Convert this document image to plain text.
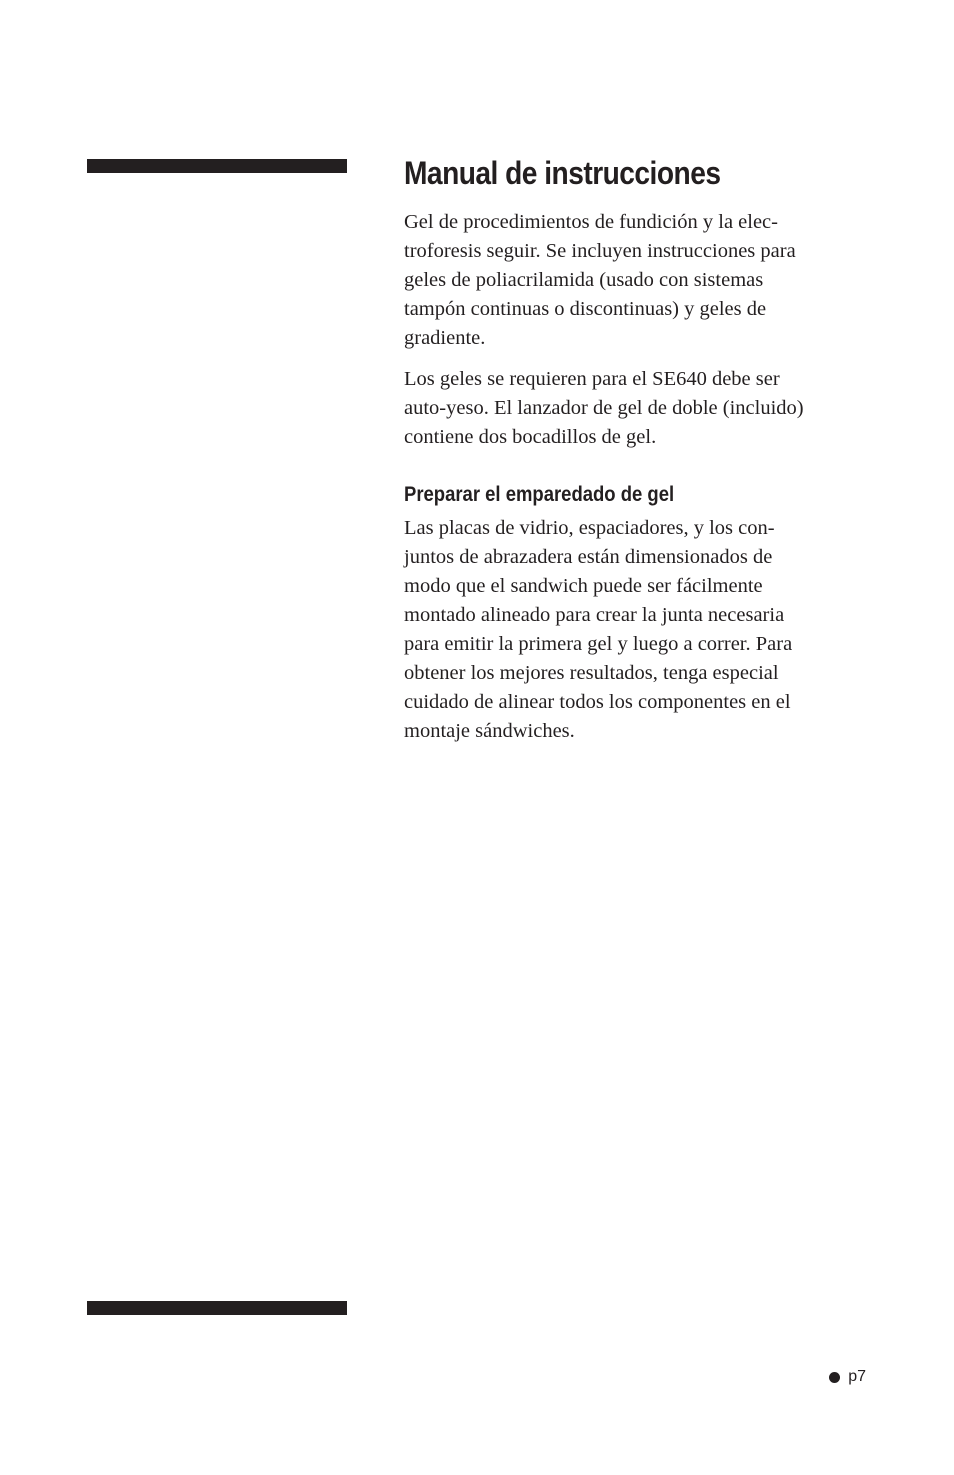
Manual de instrucciones

Gel de procedimientos de fundición y la elec-
troforesis seguir. Se incluyen instrucciones para
geles de poliacrilamida (usado con sistemas
tampón continuas o discontinuas) y geles de
gradiente.

Los geles se requieren para el SE640 debe ser
auto-yeso. El lanzador de gel de doble (incluido)
contiene dos bocadillos de gel.

Preparar el emparedado de gel

Las placas de vidrio, espaciadores, y los con-
juntos de abrazadera están dimensionados de
modo que el sandwich puede ser fácilmente
montado alineado para crear la junta necesaria
para emitir la primera gel y luego a correr. Para
obtener los mejores resultados, tenga especial
cuidado de alinear todos los componentes en el
montaje sándwiches.

p7
